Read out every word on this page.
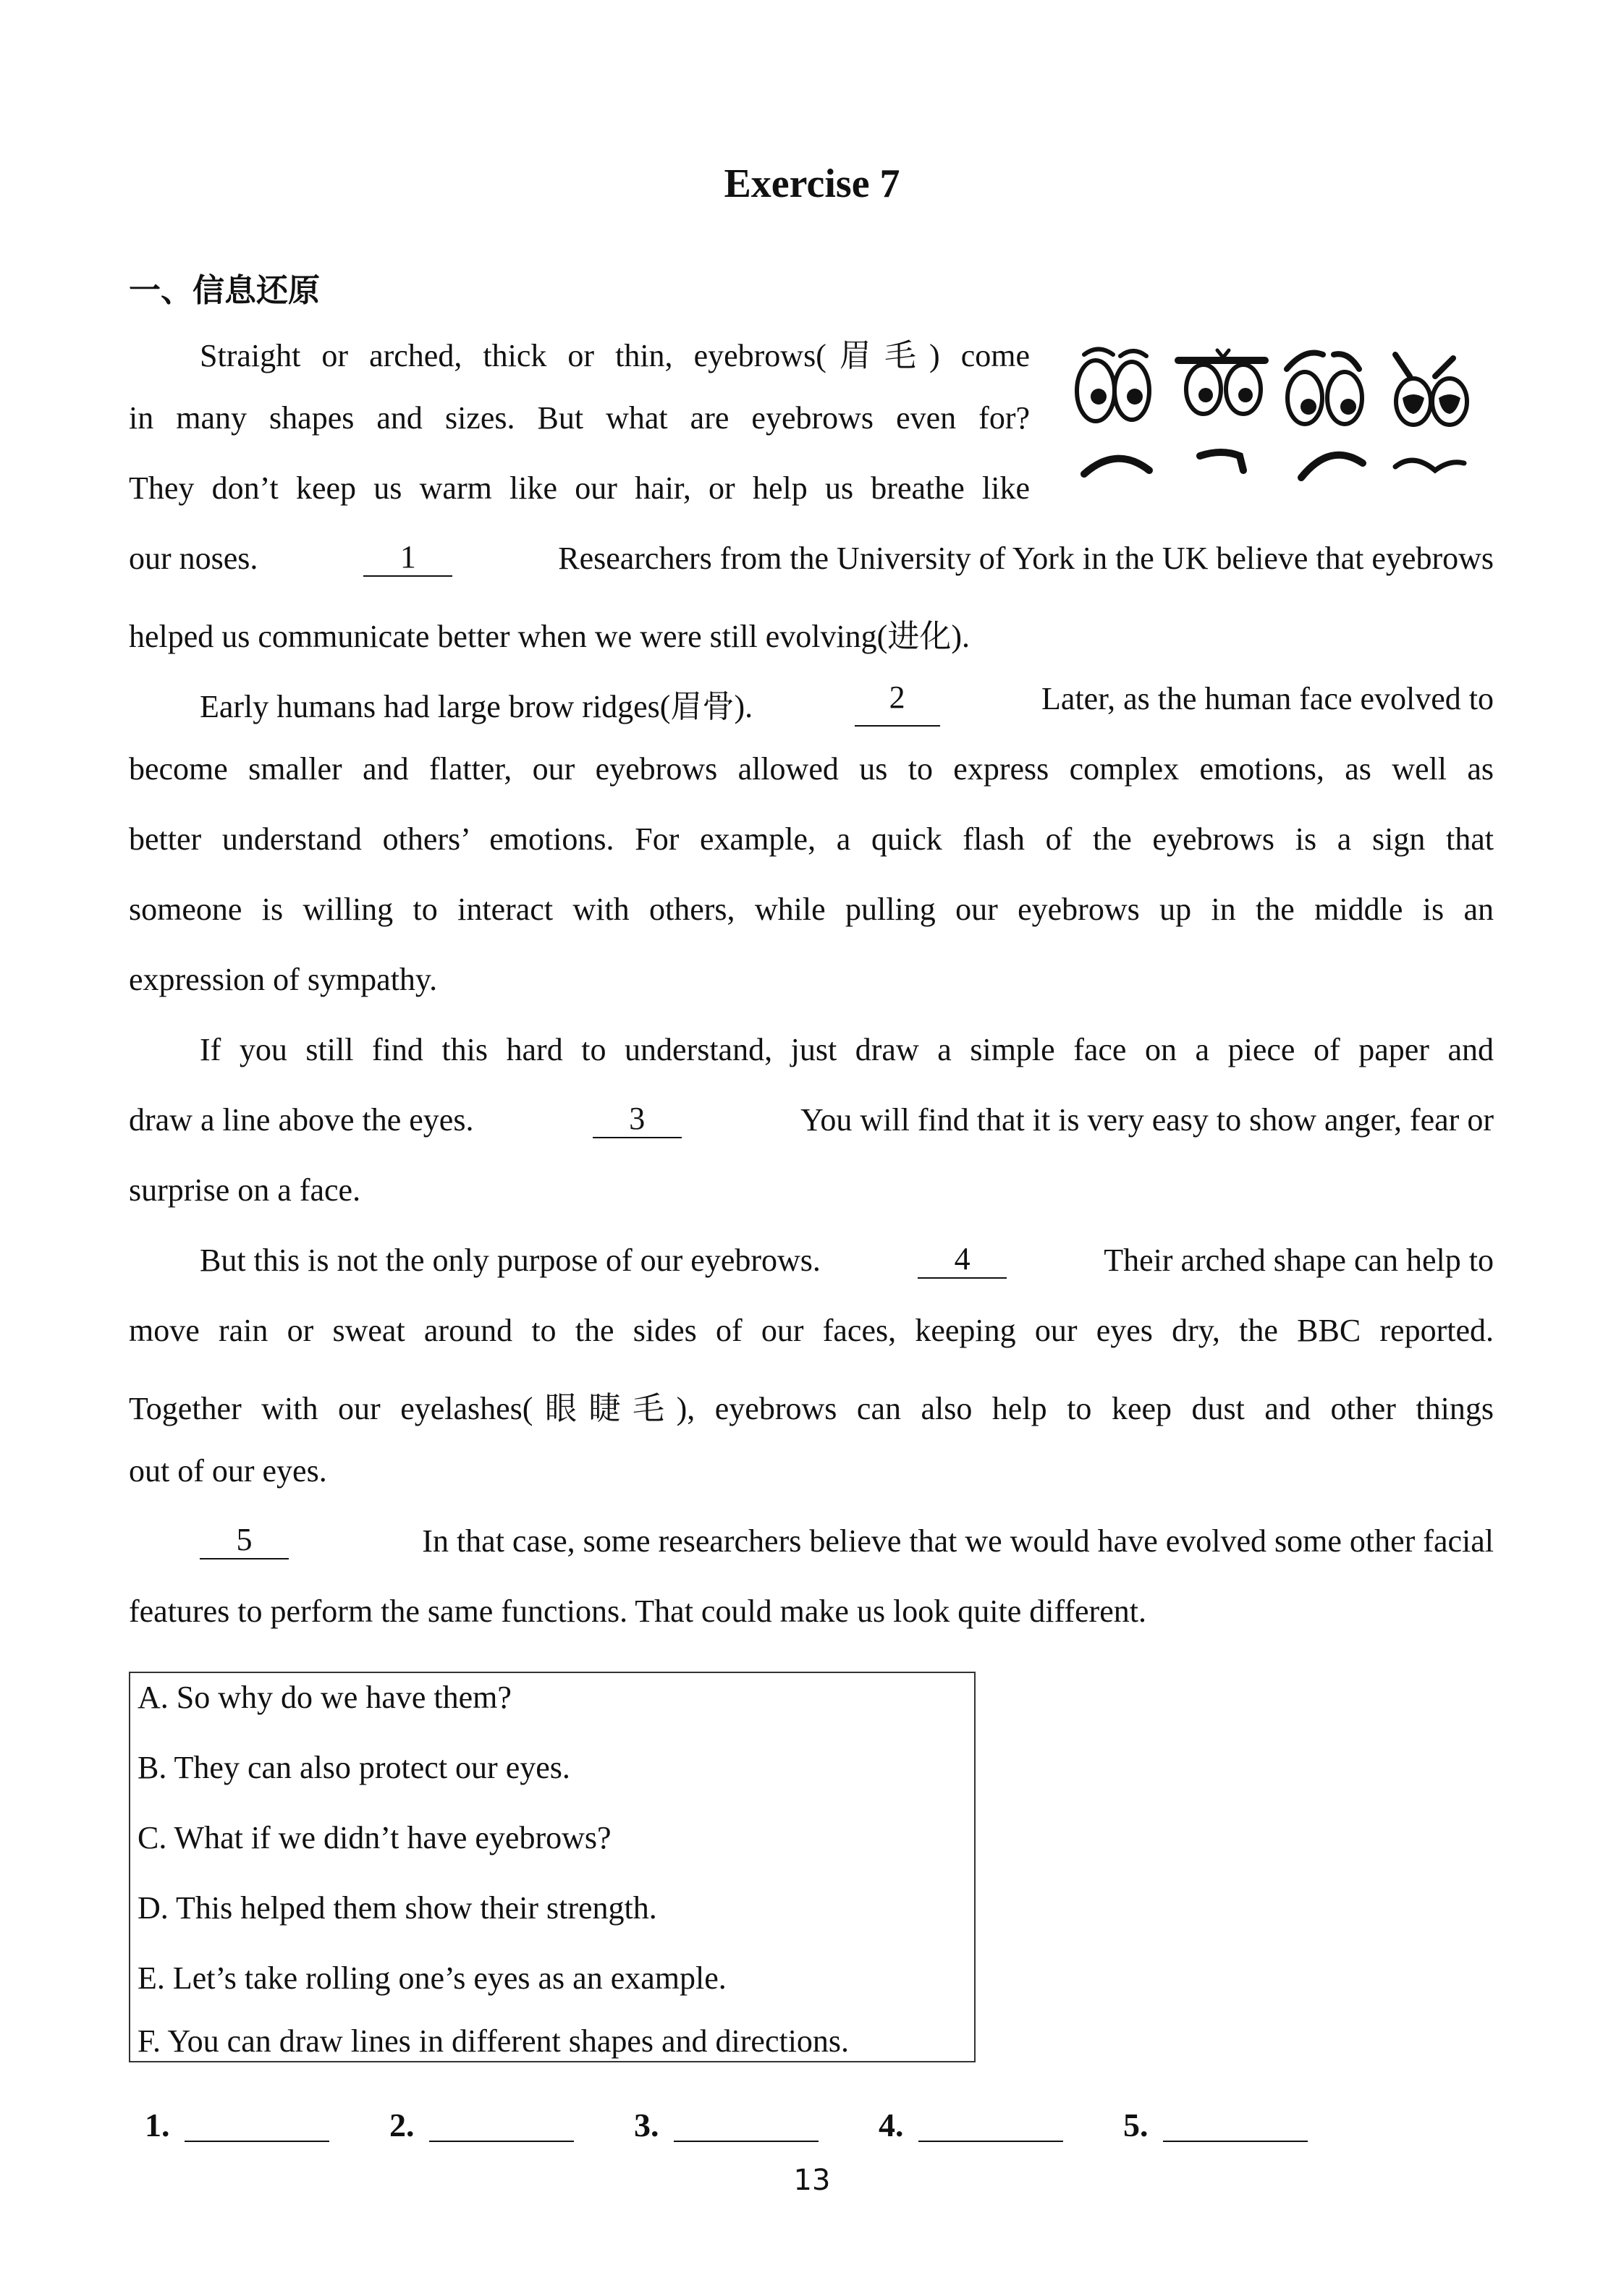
Exercise 7
一、信息还原
Straight or arched, thick or thin, eyebrows(眉毛) come
in many shapes and sizes. But what are eyebrows even for?
They don’t keep us warm like our hair, or help us breathe like
our noses.	1	Researchers from the University of York in the UK believe that eyebrows
helped us communicate better when we were still evolving(进化).
Early humans had large brow ridges(眉骨).	2	Later, as the human face evolved to
become smaller and flatter, our eyebrows allowed us to express complex emotions, as well as
better understand others’ emotions. For example, a quick flash of the eyebrows is a sign that
someone is willing to interact with others, while pulling our eyebrows up in the middle is an
expression of sympathy.
If you still find this hard to understand, just draw a simple face on a piece of paper and
draw a line above the eyes.	3	You will find that it is very easy to show anger, fear or
surprise on a face.
But this is not the only purpose of our eyebrows.	4	Their arched shape can help to
move rain or sweat around to the sides of our faces, keeping our eyes dry, the BBC reported.
Together with our eyelashes(眼睫毛), eyebrows can also help to keep dust and other things
out of our eyes.
5	In that case, some researchers believe that we would have evolved some other facial
features to perform the same functions. That could make us look quite different.
A. So why do we have them?
B. They can also protect our eyes.
C. What if we didn’t have eyebrows?
D. This helped them show their strength.
E. Let’s take rolling one’s eyes as an example.
F. You can draw lines in different shapes and directions.
1.	2.	3.	4.	5.
13
